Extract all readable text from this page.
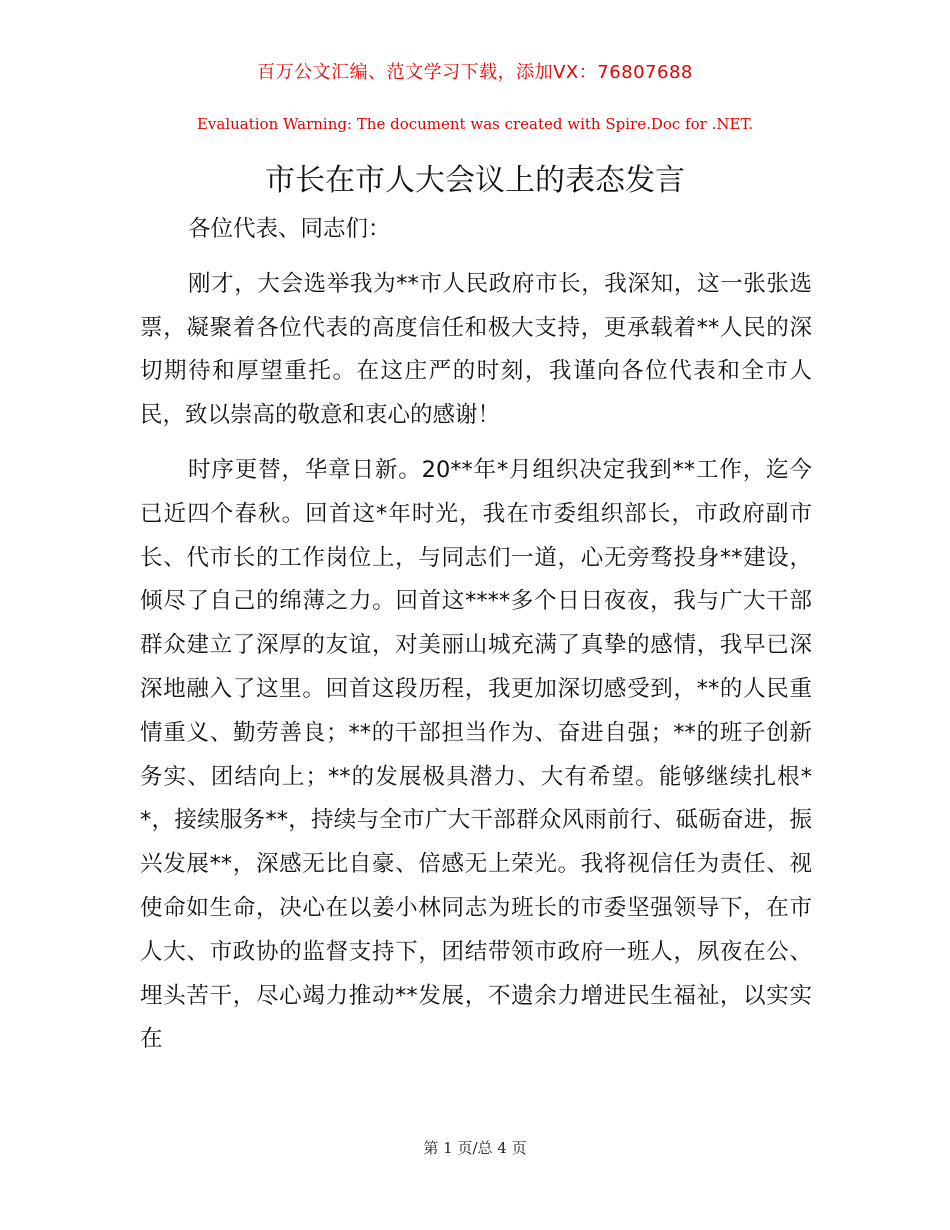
百万公文汇编、范文学习下载，添加VX：76807688
Evaluation Warning: The document was created with Spire.Doc for .NET.
市长在市人大会议上的表态发言

各位代表、同志们：

刚才，大会选举我为**市人民政府市长，我深知，这一张张选票，凝聚着各位代表的高度信任和极大支持，更承载着**人民的深切期待和厚望重托。在这庄严的时刻，我谨向各位代表和全市人民，致以崇高的敬意和衷心的感谢！

时序更替，华章日新。20**年*月组织决定我到**工作，迄今已近四个春秋。回首这*年时光，我在市委组织部长，市政府副市长、代市长的工作岗位上，与同志们一道，心无旁骛投身**建设，倾尽了自己的绵薄之力。回首这****多个日日夜夜，我与广大干部群众建立了深厚的友谊，对美丽山城充满了真挚的感情，我早已深深地融入了这里。回首这段历程，我更加深切感受到，**的人民重情重义、勤劳善良；**的干部担当作为、奋进自强；**的班子创新务实、团结向上；**的发展极具潜力、大有希望。能够继续扎根**，接续服务**，持续与全市广大干部群众风雨前行、砥砺奋进，振兴发展**，深感无比自豪、倍感无上荣光。我将视信任为责任、视使命如生命，决心在以姜小林同志为班长的市委坚强领导下，在市人大、市政协的监督支持下，团结带领市政府一班人，夙夜在公、埋头苦干，尽心竭力推动**发展，不遗余力增进民生福祉，以实实在

第 1 页/总 4 页
